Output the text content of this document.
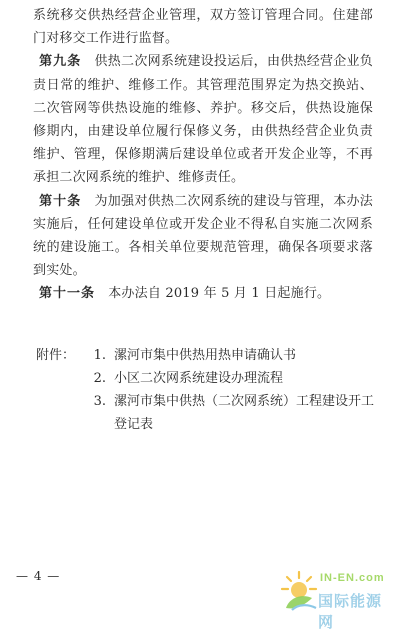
系统移交供热经营企业管理，双方签订管理合同。住建部门对移交工作进行监督。

第九条　供热二次网系统建设投运后，由供热经营企业负责日常的维护、维修工作。其管理范围界定为热交换站、二次管网等供热设施的维修、养护。移交后，供热设施保修期内，由建设单位履行保修义务，由供热经营企业负责维护、管理，保修期满后建设单位或者开发企业等，不再承担二次网系统的维护、维修责任。

第十条　为加强对供热二次网系统的建设与管理，本办法实施后，任何建设单位或开发企业不得私自实施二次网系统的建设施工。各相关单位要规范管理，确保各项要求落到实处。

第十一条　本办法自 2019 年 5 月 1 日起施行。

附件：	1. 漯河市集中供热用热申请确认书
2. 小区二次网系统建设办理流程
3. 漯河市集中供热（二次网系统）工程建设开工
登记表
— 4 —	IN-EN.com
国际能源网
